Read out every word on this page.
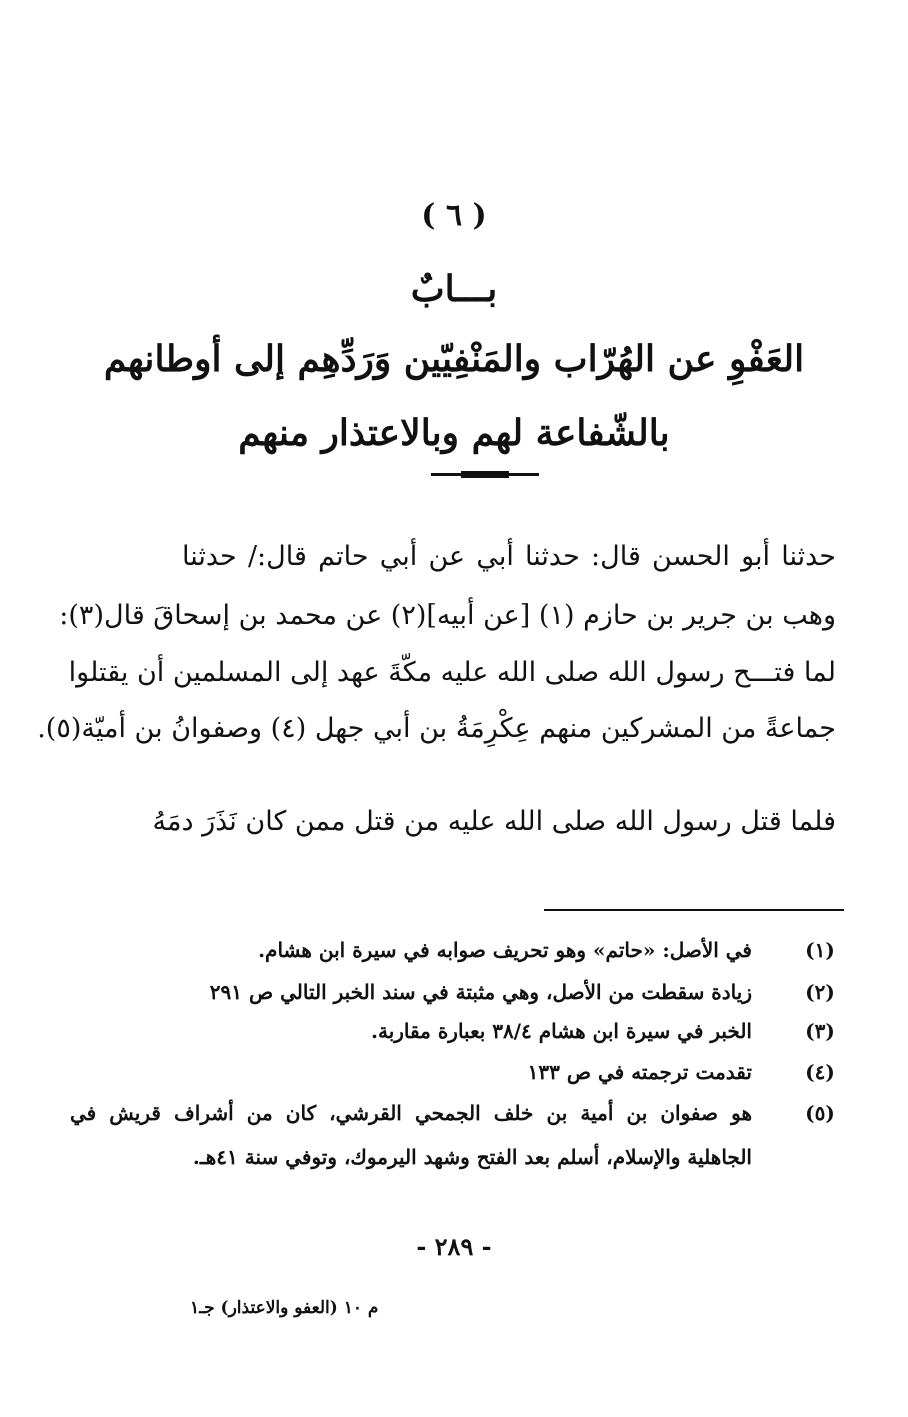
( ٦ )
بـــابٌ
العَفْوِ عن الهُرّاب والمَنْفِيّين وَرَدِّهِم إلى أوطانهم
بالشّفاعة لهم وبالاعتذار منهم
حدثنا أبو الحسن قال: حدثنا أبي عن أبي حاتم قال:/ حدثنا
وهب بن جرير بن حازم (١) [عن أبيه](٢) عن محمد بن إسحاقَ قال(٣):
لما فتـــح رسول الله صلى الله عليه مكّةَ عهد إلى المسلمين أن يقتلوا
جماعةً من المشركين منهم عِكْرِمَةُ بن أبي جهل (٤) وصفوانُ بن أميّة(٥).
فلما قتل رسول الله صلى الله عليه من قتل ممن كان نَذَرَ دمَهُ
(١)
في الأصل: «حاتم» وهو تحريف صوابه في سيرة ابن هشام.
(٢)
زيادة سقطت من الأصل، وهي مثبتة في سند الخبر التالي ص ٢٩١
(٣)
الخبر في سيرة ابن هشام ٣٨/٤ بعبارة مقاربة.
(٤)
تقدمت ترجمته في ص ١٣٣
(٥)
هو صفوان بن أمية بن خلف الجمحي القرشي، كان من أشراف قريش في
الجاهلية والإسلام، أسلم بعد الفتح وشهد اليرموك، وتوفي سنة ٤١هـ.
- ٢٨٩ -
م ١٠ (العفو والاعتذار) جـ١
